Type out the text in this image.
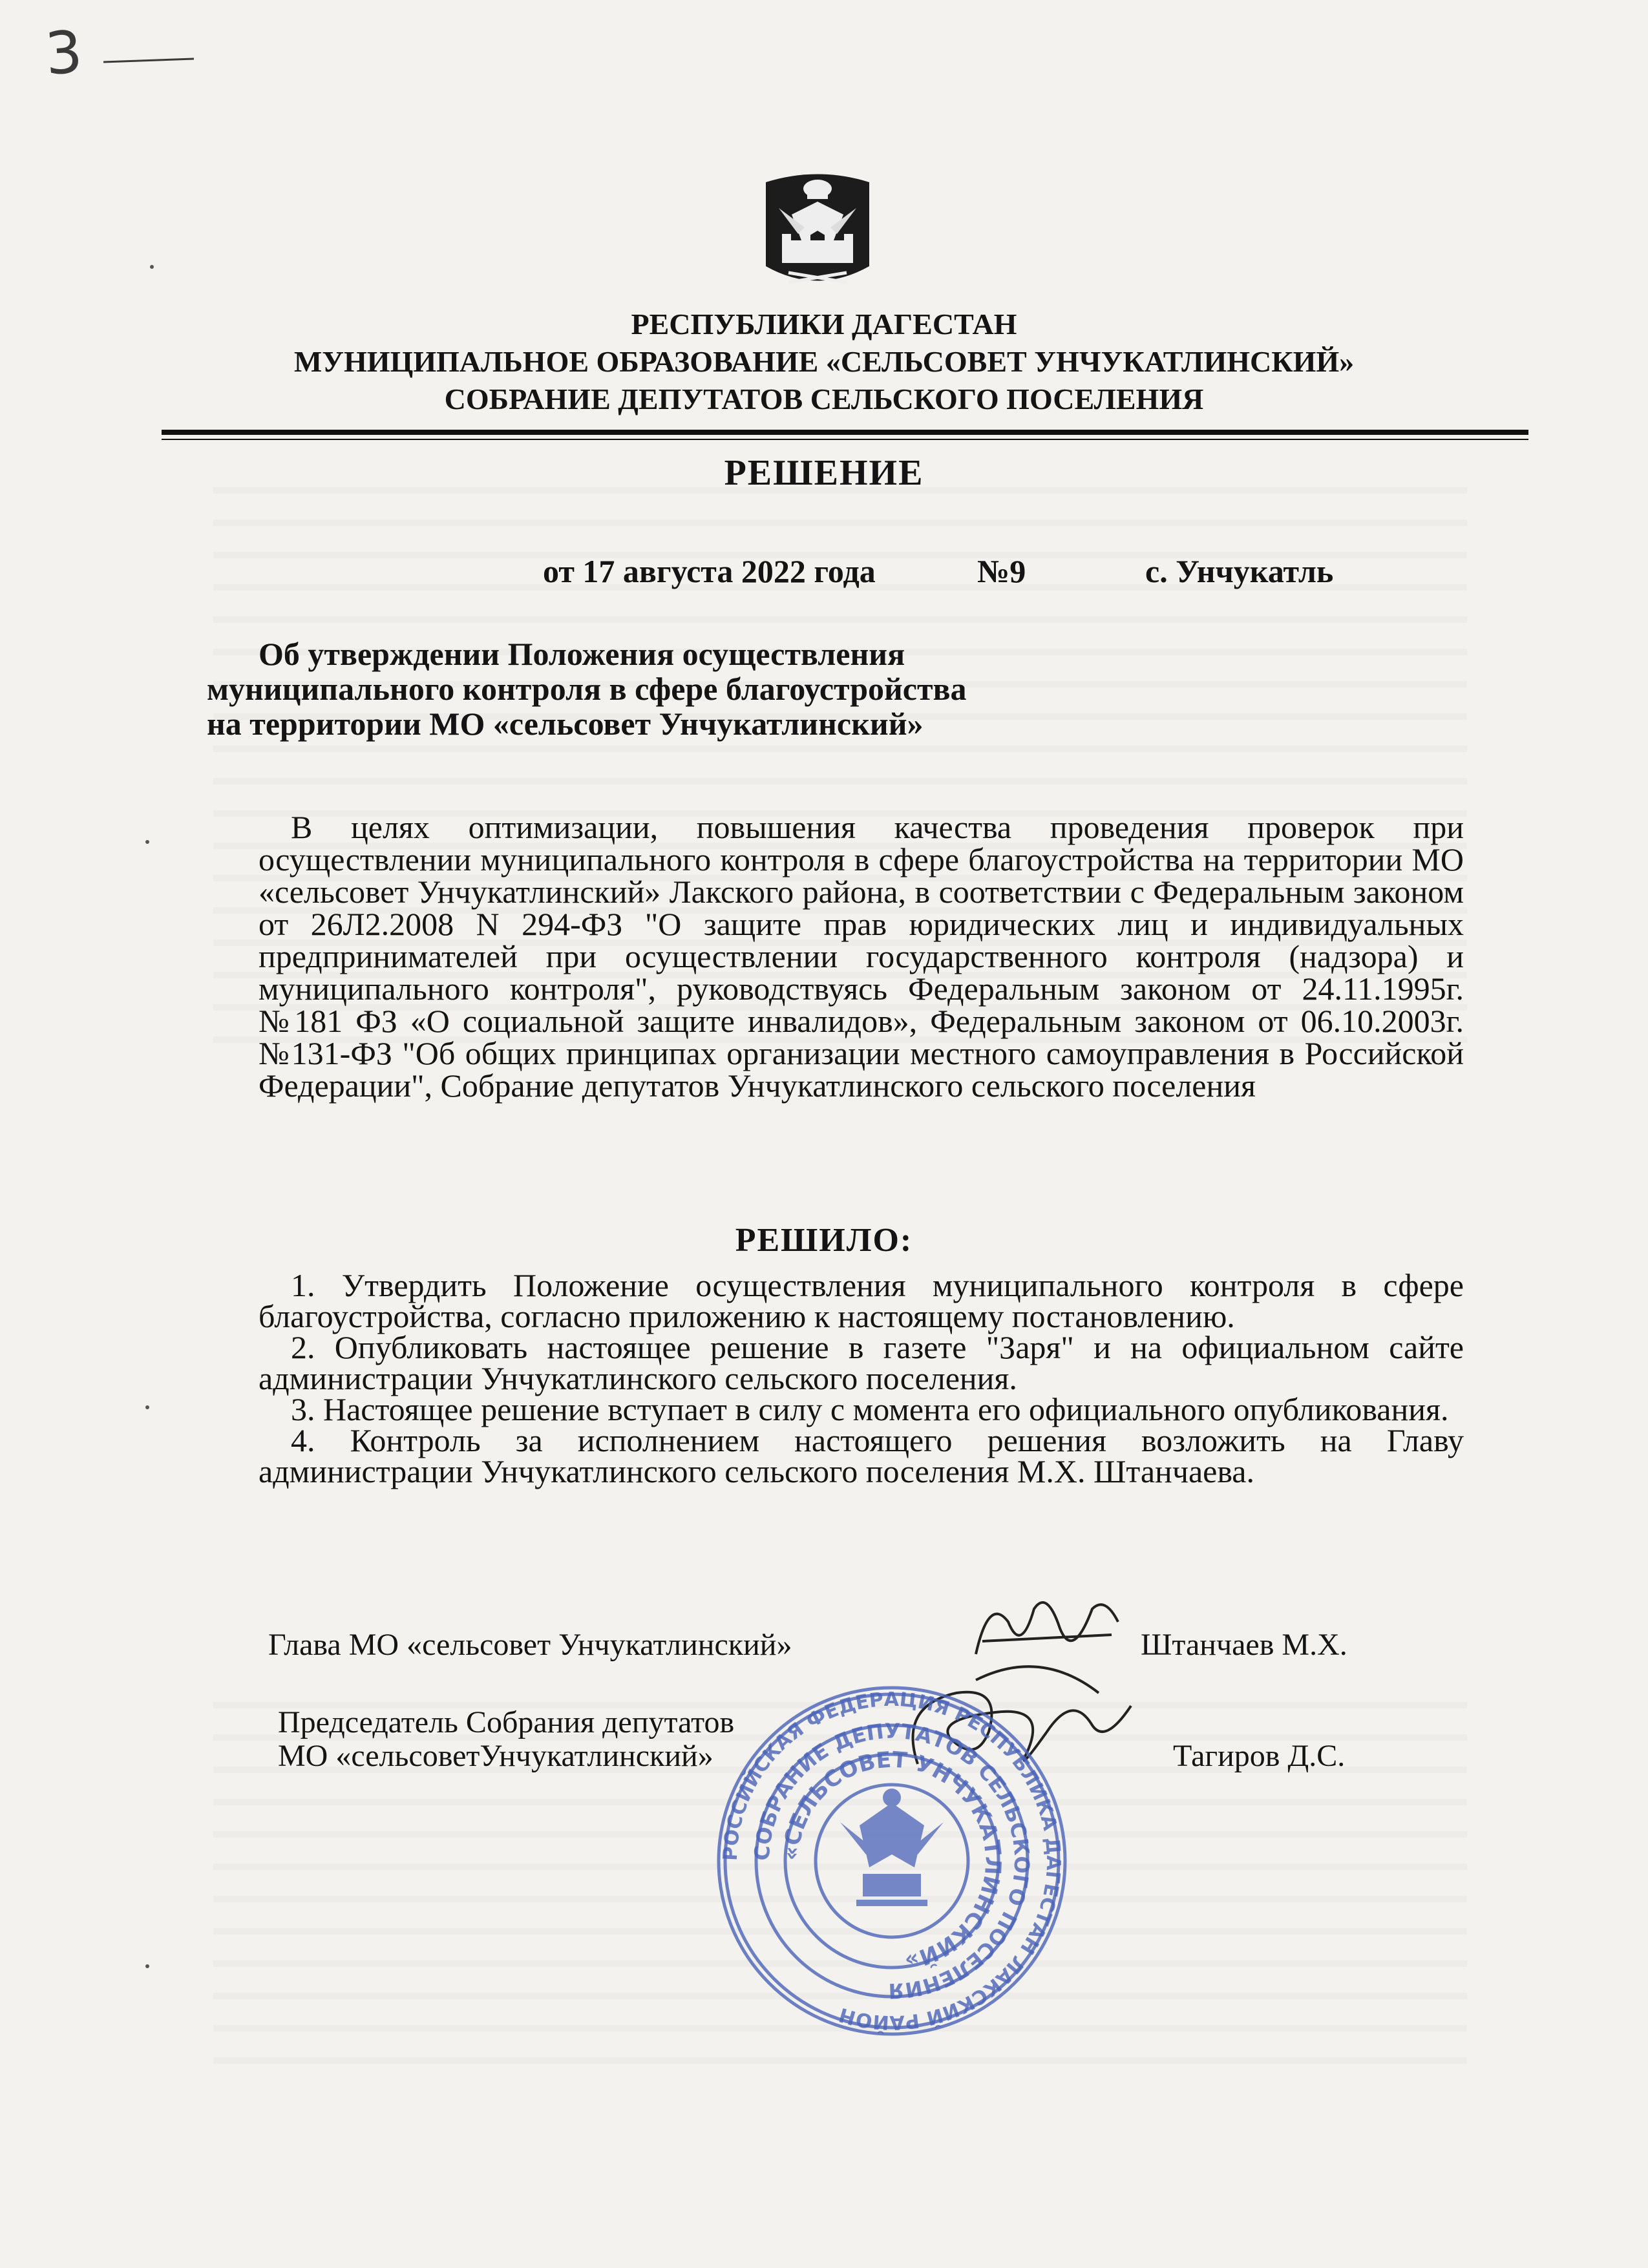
3
РЕСПУБЛИКИ ДАГЕСТАН
МУНИЦИПАЛЬНОЕ ОБРАЗОВАНИЕ «СЕЛЬСОВЕТ УНЧУКАТЛИНСКИЙ»
СОБРАНИЕ ДЕПУТАТОВ СЕЛЬСКОГО ПОСЕЛЕНИЯ
РЕШЕНИЕ
от 17 августа 2022 года	№9	с. Унчукатль
Об утверждении Положения осуществления
муниципального контроля в сфере благоустройства
на территории МО «сельсовет Унчукатлинский»

В целях оптимизации, повышения качества проведения проверок при осуществлении муниципального контроля в сфере благоустройства на территории МО «сельсовет Унчукатлинский» Лакского района, в соответствии с Федеральным законом от 26Л2.2008 N 294-ФЗ "О защите прав юридических лиц и индивидуальных предпринимателей при осуществлении государственного контроля (надзора) и муниципального контроля", руководствуясь Федеральным законом от 24.11.1995г. №181 ФЗ «О социальной защите инвалидов», Федеральным законом от 06.10.2003г. №131-ФЗ "Об общих принципах организации местного самоуправления в Российской Федерации", Собрание депутатов Унчукатлинского сельского поселения

РЕШИЛО:

1. Утвердить Положение осуществления муниципального контроля в сфере благоустройства, согласно приложению к настоящему постановлению.

2. Опубликовать настоящее решение в газете "Заря" и на официальном сайте администрации Унчукатлинского сельского поселения.

3. Настоящее решение вступает в силу с момента его официального опубликования.

4. Контроль за исполнением настоящего решения возложить на Главу администрации Унчукатлинского сельского поселения М.Х. Штанчаева.

Глава МО «сельсовет Унчукатлинский»	Штанчаев М.Х.
Председатель Собрания депутатов
МО «сельсоветУнчукатлинский»	Тагиров Д.С.
РОССИЙСКАЯ ФЕДЕРАЦИЯ РЕСПУБЛИКА ДАГЕСТАН ЛАКСКИЙ РАЙОН
СОБРАНИЕ ДЕПУТАТОВ СЕЛЬСКОГО ПОСЕЛЕНИЯ
«СЕЛЬСОВЕТ УНЧУКАТЛИНСКИЙ»
